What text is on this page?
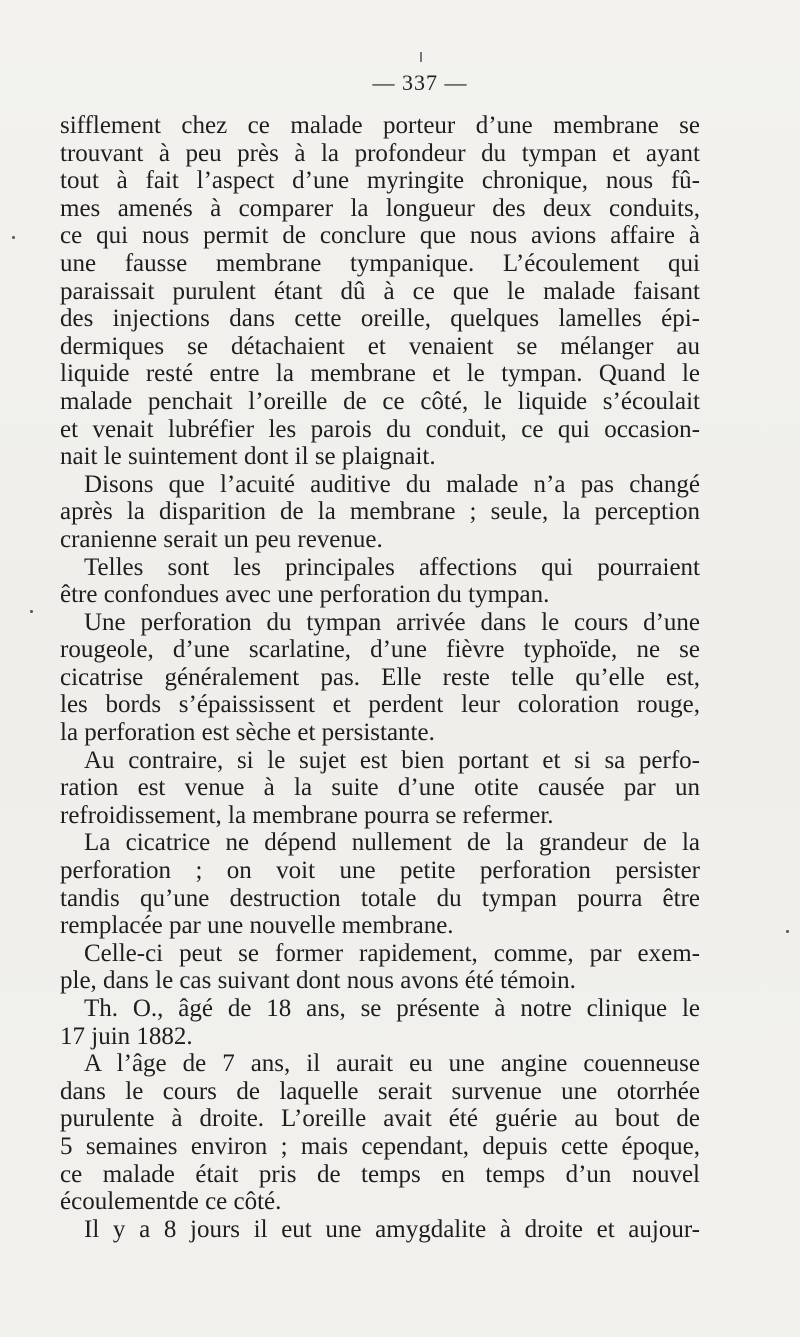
— 337 —
sifflement chez ce malade porteur d’une membrane se
trouvant à peu près à la profondeur du tympan et ayant
tout à fait l’aspect d’une myringite chronique, nous fû-
mes amenés à comparer la longueur des deux conduits,
ce qui nous permit de conclure que nous avions affaire à
une fausse membrane tympanique. L’écoulement qui
paraissait purulent étant dû à ce que le malade faisant
des injections dans cette oreille, quelques lamelles épi-
dermiques se détachaient et venaient se mélanger au
liquide resté entre la membrane et le tympan. Quand le
malade penchait l’oreille de ce côté, le liquide s’écoulait
et venait lubréfier les parois du conduit, ce qui occasion-
nait le suintement dont il se plaignait.
Disons que l’acuité auditive du malade n’a pas changé
après la disparition de la membrane ; seule, la perception
cranienne serait un peu revenue.
Telles sont les principales affections qui pourraient
être confondues avec une perforation du tympan.
Une perforation du tympan arrivée dans le cours d’une
rougeole, d’une scarlatine, d’une fièvre typhoïde, ne se
cicatrise généralement pas. Elle reste telle qu’elle est,
les bords s’épaississent et perdent leur coloration rouge,
la perforation est sèche et persistante.
Au contraire, si le sujet est bien portant et si sa perfo-
ration est venue à la suite d’une otite causée par un
refroidissement, la membrane pourra se refermer.
La cicatrice ne dépend nullement de la grandeur de la
perforation ; on voit une petite perforation persister
tandis qu’une destruction totale du tympan pourra être
remplacée par une nouvelle membrane.
Celle-ci peut se former rapidement, comme, par exem-
ple, dans le cas suivant dont nous avons été témoin.
Th. O., âgé de 18 ans, se présente à notre clinique le
17 juin 1882.
A l’âge de 7 ans, il aurait eu une angine couenneuse
dans le cours de laquelle serait survenue une otorrhée
purulente à droite. L’oreille avait été guérie au bout de
5 semaines environ ; mais cependant, depuis cette époque,
ce malade était pris de temps en temps d’un nouvel
écoulementde ce côté.
Il y a 8 jours il eut une amygdalite à droite et aujour-
